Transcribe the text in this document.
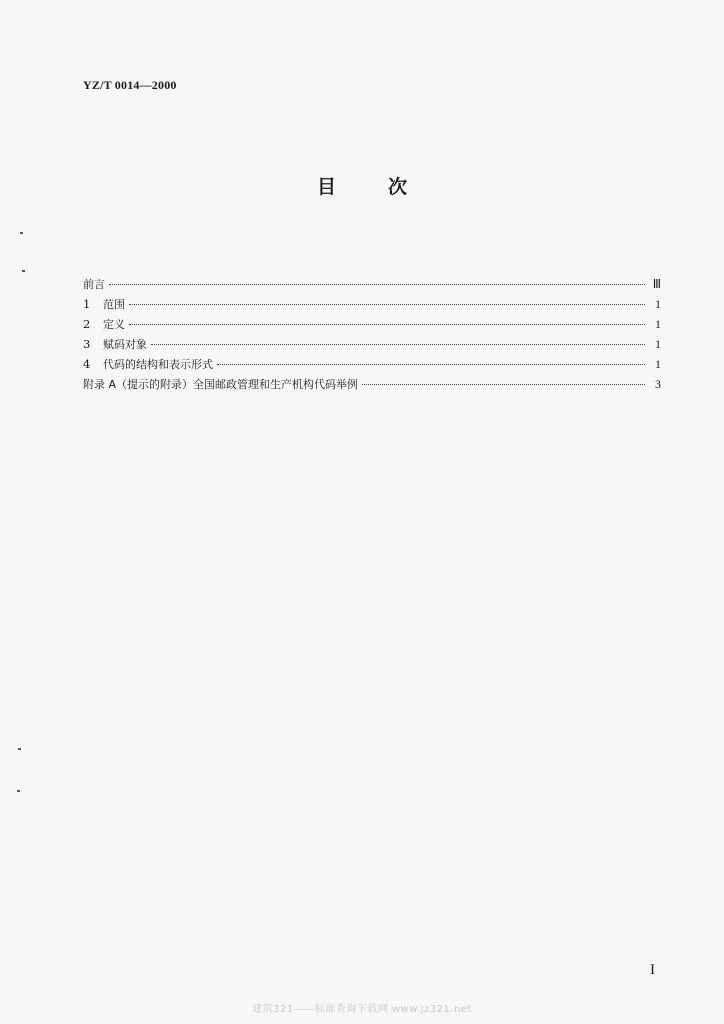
YZ/T 0014—2000
目次
前言	Ⅲ
1	范围	1
2	定义	1
3	赋码对象	1
4	代码的结构和表示形式	1
附录 A（提示的附录）全国邮政管理和生产机构代码举例	3
I
建筑321——标准查询下载网 www.jz321.net
